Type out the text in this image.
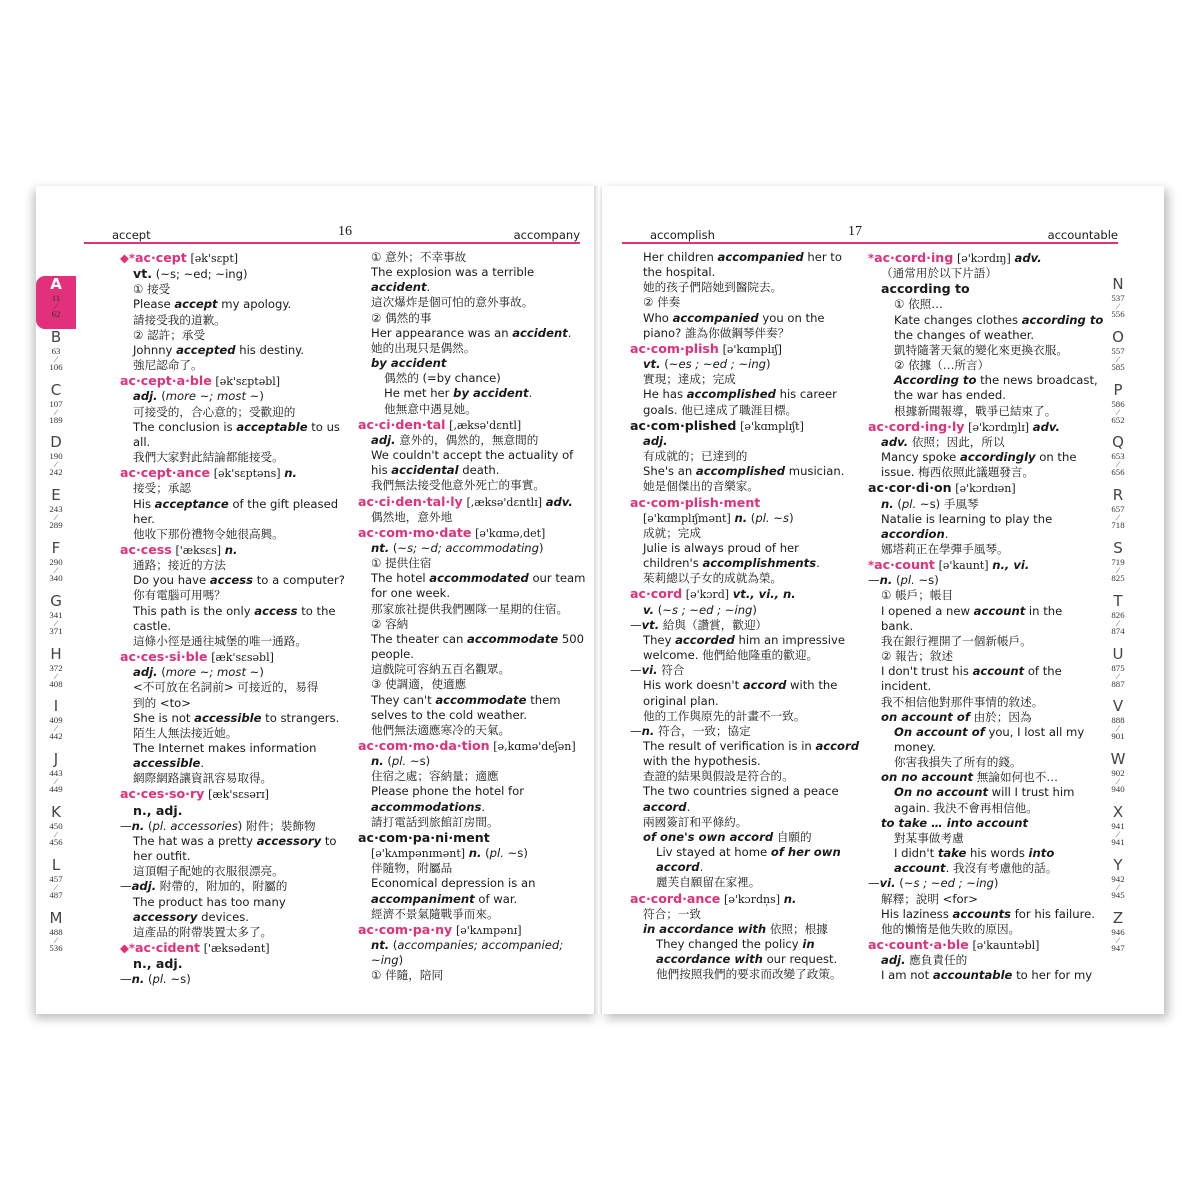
accept	16	accompany
A
11
⁄
62
B
63
⁄
106
C
107
⁄
189
D
190
⁄
242
E
243
⁄
289
F
290
⁄
340
G
341
⁄
371
H
372
⁄
408
I
409
⁄
442
J
443
⁄
449
K
450
⁄
456
L
457
⁄
487
M
488
⁄
536
◆*ac·cept [ək'sɛpt]
vt. (~s; ~ed; ~ing)
① 接受
Please accept my apology.
請接受我的道歉。
② 認許；承受
Johnny accepted his destiny.
強尼認命了。
ac·cept·a·ble [ək'sɛptəbl]
adj. (more ~; most ~)
可接受的，合心意的；受歡迎的
The conclusion is acceptable to us
all.
我們大家對此結論都能接受。
ac·cept·ance [ək'sɛptəns] n.
接受；承認
His acceptance of the gift pleased
her.
他收下那份禮物令她很高興。
ac·cess ['æksɛs] n.
通路；接近的方法
Do you have access to a computer?
你有電腦可用嗎？
This path is the only access to the
castle.
這條小徑是通往城堡的唯一通路。
ac·ces·si·ble [æk'sɛsəbl]
adj. (more ~; most ~)
<不可放在名詞前> 可接近的，易得
到的 <to>
She is not accessible to strangers.
陌生人無法接近她。
The Internet makes information
accessible.
網際網路讓資訊容易取得。
ac·ces·so·ry [æk'sɛsərɪ]
n., adj.
—n. (pl. accessories) 附件；裝飾物
The hat was a pretty accessory to
her outfit.
這頂帽子配她的衣服很漂亮。
—adj. 附帶的，附加的，附屬的
The product has too many
accessory devices.
這產品的附帶裝置太多了。
◆*ac·cident ['æksədənt]
n., adj.
—n. (pl. ~s)
① 意外；不幸事故
The explosion was a terrible
accident.
這次爆炸是個可怕的意外事故。
② 偶然的事
Her appearance was an accident.
她的出現只是偶然。
by accident
偶然的 (=by chance)
He met her by accident.
他無意中遇見她。
ac·ci·den·tal [,æksə'dɛntl]
adj. 意外的，偶然的，無意間的
We couldn't accept the actuality of
his accidental death.
我們無法接受他意外死亡的事實。
ac·ci·den·tal·ly [,æksə'dɛntlɪ] adv.
偶然地，意外地
ac·com·mo·date [ə'kɑmə,det]
nt. (~s; ~d; accommodating)
① 提供住宿
The hotel accommodated our team
for one week.
那家旅社提供我們團隊一星期的住宿。
② 容納
The theater can accommodate 500
people.
這戲院可容納五百名觀眾。
③ 使調適，使適應
They can't accommodate them
selves to the cold weather.
他們無法適應寒冷的天氣。
ac·com·mo·da·tion [ə,kɑmə'deʃən]
n. (pl. ~s)
住宿之處；容納量；適應
Please phone the hotel for
accommodations.
請打電話到旅館訂房間。
ac·com·pa·ni·ment
[ə'kʌmpənɪmənt] n. (pl. ~s)
伴隨物，附屬品
Economical depression is an
accompaniment of war.
經濟不景氣隨戰爭而來。
ac·com·pa·ny [ə'kʌmpənɪ]
nt. (accompanies; accompanied;
~ing)
① 伴隨，陪同
accomplish	17	accountable
Her children accompanied her to
the hospital.
她的孩子們陪她到醫院去。
② 伴奏
Who accompanied you on the
piano? 誰為你做鋼琴伴奏？
ac·com·plish [ə'kɑmplɪʃ]
vt. (~es ; ~ed ; ~ing)
實現；達成；完成
He has accomplished his career
goals. 他已達成了職涯目標。
ac·com·plished [ə'kɑmplɪʃt]
adj.
有成就的；已達到的
She's an accomplished musician.
她是個傑出的音樂家。
ac·com·plish·ment
[ə'kɑmplɪʃmənt] n. (pl. ~s)
成就；完成
Julie is always proud of her
children's accomplishments.
茱莉總以子女的成就為榮。
ac·cord [ə'kɔrd] vt., vi., n.
v. (~s ; ~ed ; ~ing)
—vt. 給與（讚賞，歡迎）
They accorded him an impressive
welcome. 他們給他隆重的歡迎。
—vi. 符合
His work doesn't accord with the
original plan.
他的工作與原先的計畫不一致。
—n. 符合，一致；協定
The result of verification is in accord
with the hypothesis.
查證的結果與假設是符合的。
The two countries signed a peace
accord.
兩國簽訂和平條約。
of one's own accord 自願的
Liv stayed at home of her own
accord.
麗芙自願留在家裡。
ac·cord·ance [ə'kɔrdṇs] n.
符合；一致
in accordance with 依照；根據
They changed the policy in
accordance with our request.
他們按照我們的要求而改變了政策。
*ac·cord·ing [ə'kɔrdɪŋ] adv.
（通常用於以下片語）
according to
① 依照…
Kate changes clothes according to
the changes of weather.
凱特隨著天氣的變化來更換衣服。
② 依據（…所言）
According to the news broadcast,
the war has ended.
根據新聞報導，戰爭已結束了。
ac·cord·ing·ly [ə'kɔrdɪŋlɪ] adv.
adv. 依照；因此，所以
Mancy spoke accordingly on the
issue. 梅西依照此議題發言。
ac·cor·di·on [ə'kɔrdɪən]
n. (pl. ~s) 手風琴
Natalie is learning to play the
accordion.
娜塔莉正在學彈手風琴。
*ac·count [ə'kaunt] n., vi.
—n. (pl. ~s)
① 帳戶；帳目
I opened a new account in the
bank.
我在銀行裡開了一個新帳戶。
② 報告；敘述
I don't trust his account of the
incident.
我不相信他對那件事情的敘述。
on account of 由於；因為
On account of you, I lost all my
money.
你害我損失了所有的錢。
on no account 無論如何也不…
On no account will I trust him
again. 我決不會再相信他。
to take … into account
對某事做考慮
I didn't take his words into
account. 我沒有考慮他的話。
—vi. (~s ; ~ed ; ~ing)
解釋；說明 <for>
His laziness accounts for his failure.
他的懶惰是他失敗的原因。
ac·count·a·ble [ə'kauntəbl]
adj. 應負責任的
I am not accountable to her for my
N
537
⁄
556
O
557
⁄
585
P
586
⁄
652
Q
653
⁄
656
R
657
⁄
718
S
719
⁄
825
T
826
⁄
874
U
875
⁄
887
V
888
⁄
901
W
902
⁄
940
X
941
⁄
941
Y
942
⁄
945
Z
946
⁄
947
